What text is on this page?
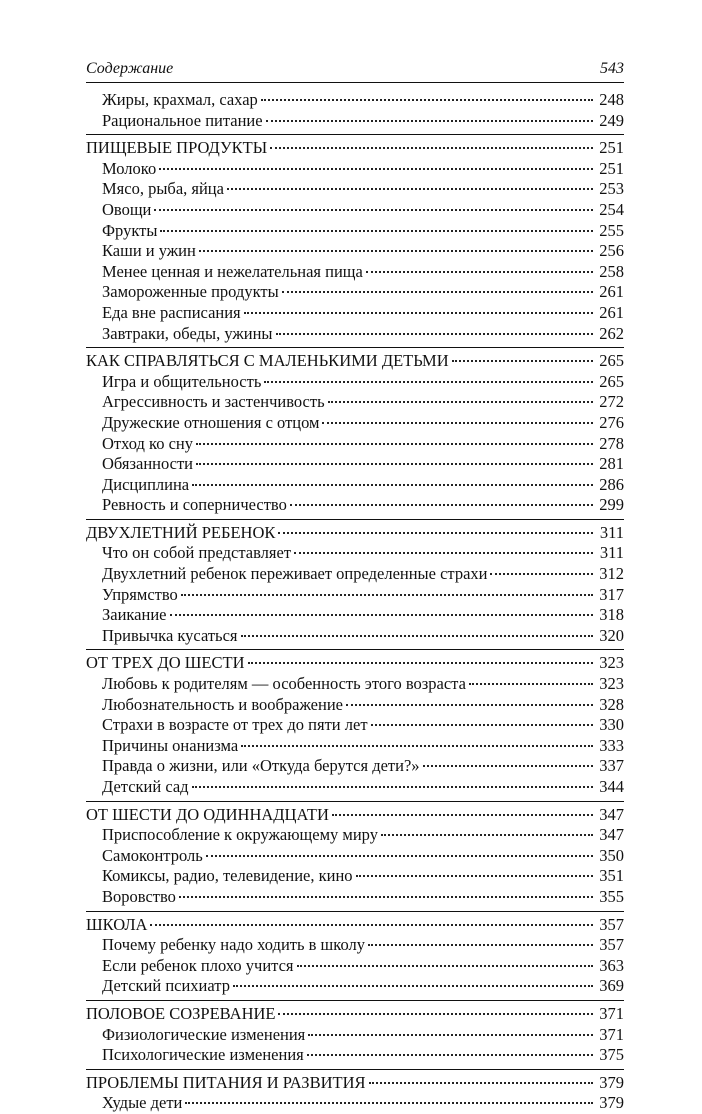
Содержание	543
Жиры, крахмал, сахар	248
Рациональное питание	249
ПИЩЕВЫЕ ПРОДУКТЫ	251
Молоко	251
Мясо, рыба, яйца	253
Овощи	254
Фрукты	255
Каши и ужин	256
Менее ценная и нежелательная пища	258
Замороженные продукты	261
Еда вне расписания	261
Завтраки, обеды, ужины	262
КАК СПРАВЛЯТЬСЯ С МАЛЕНЬКИМИ ДЕТЬМИ	265
Игра и общительность	265
Агрессивность и застенчивость	272
Дружеские отношения с отцом	276
Отход ко сну	278
Обязанности	281
Дисциплина	286
Ревность и соперничество	299
ДВУХЛЕТНИЙ РЕБЕНОК	311
Что он собой представляет	311
Двухлетний ребенок переживает определенные страхи	312
Упрямство	317
Заикание	318
Привычка кусаться	320
ОТ ТРЕХ ДО ШЕСТИ	323
Любовь к родителям — особенность этого возраста	323
Любознательность и воображение	328
Страхи в возрасте от трех до пяти лет	330
Причины онанизма	333
Правда о жизни, или «Откуда берутся дети?»	337
Детский сад	344
ОТ ШЕСТИ ДО ОДИННАДЦАТИ	347
Приспособление к окружающему миру	347
Самоконтроль	350
Комиксы, радио, телевидение, кино	351
Воровство	355
ШКОЛА	357
Почему ребенку надо ходить в школу	357
Если ребенок плохо учится	363
Детский психиатр	369
ПОЛОВОЕ СОЗРЕВАНИЕ	371
Физиологические изменения	371
Психологические изменения	375
ПРОБЛЕМЫ ПИТАНИЯ И РАЗВИТИЯ	379
Худые дети	379
